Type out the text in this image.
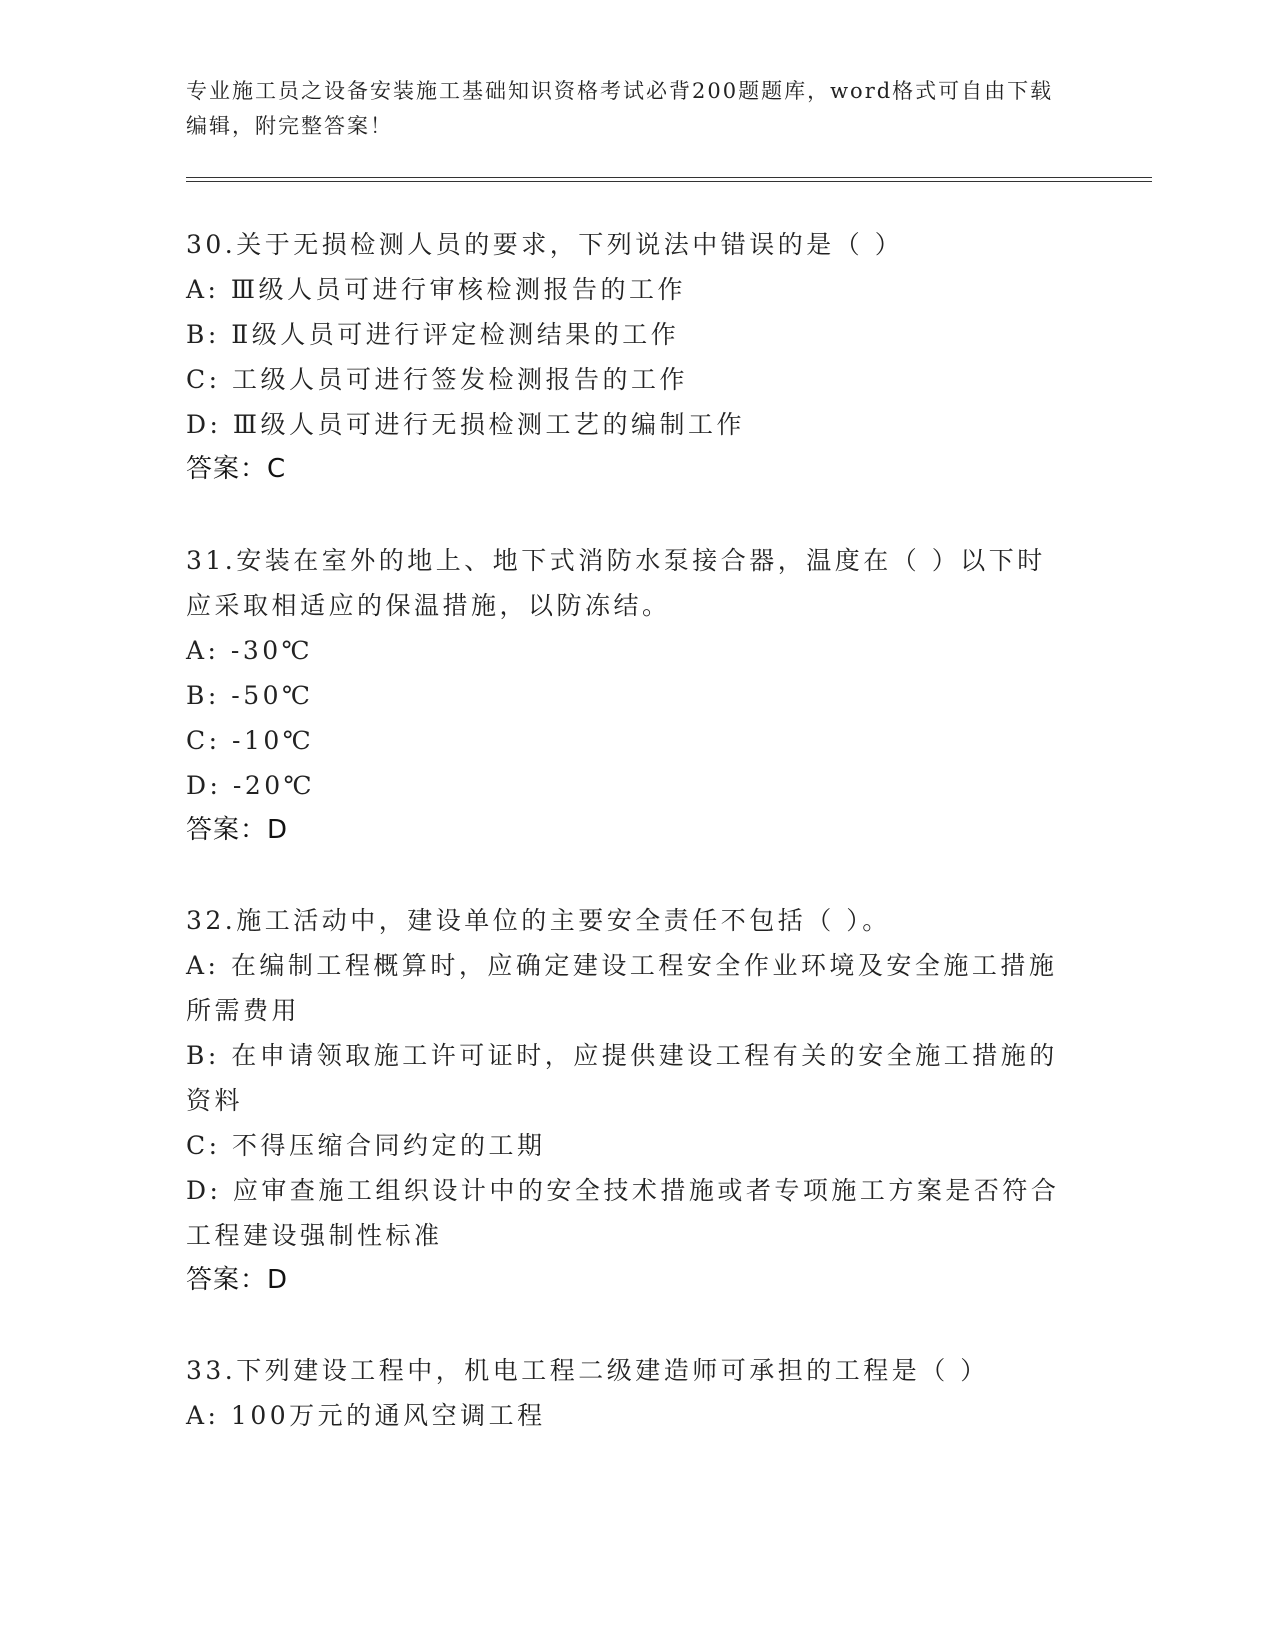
专业施工员之设备安装施工基础知识资格考试必背200题题库，word格式可自由下载编辑，附完整答案！
30.关于无损检测人员的要求，下列说法中错误的是（ ）
A: Ⅲ级人员可进行审核检测报告的工作
B: Ⅱ级人员可进行评定检测结果的工作
C: 工级人员可进行签发检测报告的工作
D: Ⅲ级人员可进行无损检测工艺的编制工作
答案：C
31.安装在室外的地上、地下式消防水泵接合器，温度在（ ）以下时
应采取相适应的保温措施，以防冻结。
A: -30℃
B: -50℃
C: -10℃
D: -20℃
答案：D
32.施工活动中，建设单位的主要安全责任不包括（ ）。
A: 在编制工程概算时，应确定建设工程安全作业环境及安全施工措施
所需费用
B: 在申请领取施工许可证时，应提供建设工程有关的安全施工措施的
资料
C: 不得压缩合同约定的工期
D: 应审查施工组织设计中的安全技术措施或者专项施工方案是否符合
工程建设强制性标准
答案：D
33.下列建设工程中，机电工程二级建造师可承担的工程是（ ）
A: 100万元的通风空调工程
